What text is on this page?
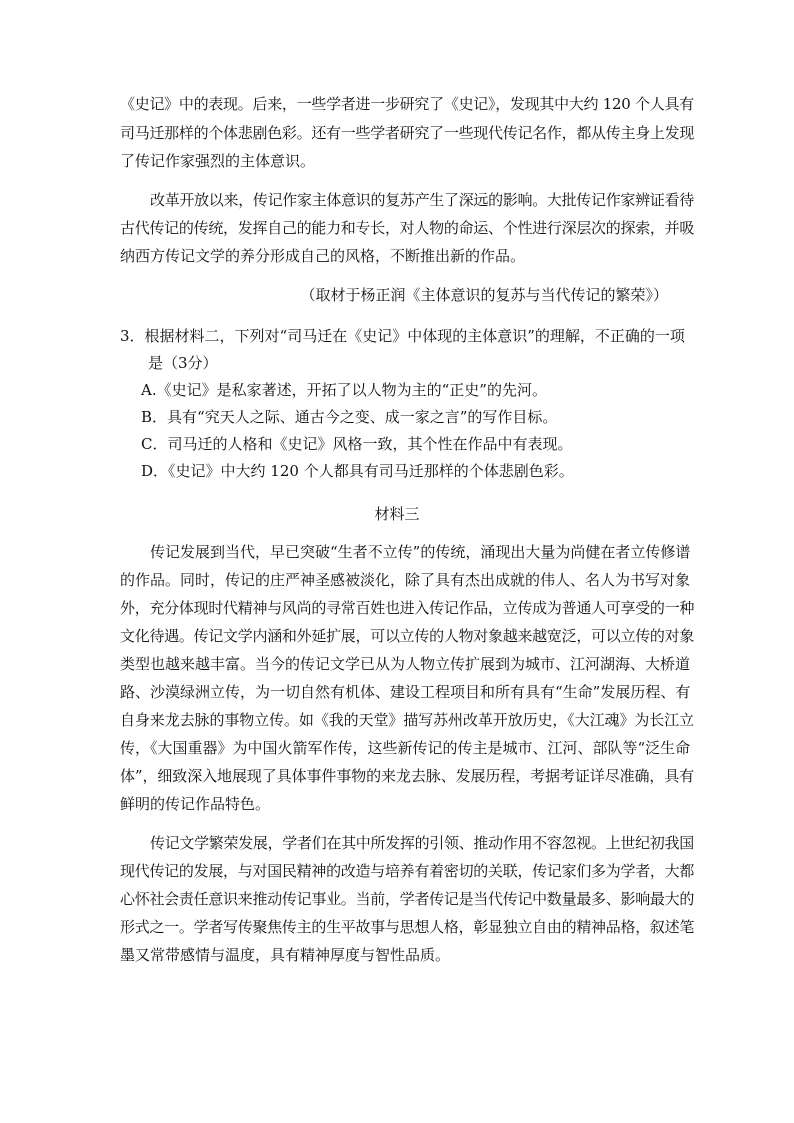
《史记》中的表现。后来，一些学者进一步研究了《史记》，发现其中大约 120 个人具有
司马迁那样的个体悲剧色彩。还有一些学者研究了一些现代传记名作，都从传主身上发现
了传记作家强烈的主体意识。
改革开放以来，传记作家主体意识的复苏产生了深远的影响。大批传记作家辨证看待
古代传记的传统，发挥自己的能力和专长，对人物的命运、个性进行深层次的探索，并吸
纳西方传记文学的养分形成自己的风格，不断推出新的作品。
（取材于杨正润《主体意识的复苏与当代传记的繁荣》）
3．根据材料二，下列对“司马迁在《史记》中体现的主体意识”的理解，不正确的一项
是（3分）
A.《史记》是私家著述，开拓了以人物为主的“正史”的先河。
B．具有“究天人之际、通古今之变、成一家之言”的写作目标。
C．司马迁的人格和《史记》风格一致，其个性在作品中有表现。
D．《史记》中大约 120 个人都具有司马迁那样的个体悲剧色彩。
材料三
传记发展到当代，早已突破“生者不立传”的传统，涌现出大量为尚健在者立传修谱
的作品。同时，传记的庄严神圣感被淡化，除了具有杰出成就的伟人、名人为书写对象
外，充分体现时代精神与风尚的寻常百姓也进入传记作品，立传成为普通人可享受的一种
文化待遇。传记文学内涵和外延扩展，可以立传的人物对象越来越宽泛，可以立传的对象
类型也越来越丰富。当今的传记文学已从为人物立传扩展到为城市、江河湖海、大桥道
路、沙漠绿洲立传，为一切自然有机体、建设工程项目和所有具有“生命”发展历程、有
自身来龙去脉的事物立传。如《我的天堂》描写苏州改革开放历史，《大江魂》为长江立
传，《大国重器》为中国火箭军作传，这些新传记的传主是城市、江河、部队等“泛生命
体”，细致深入地展现了具体事件事物的来龙去脉、发展历程，考据考证详尽准确，具有
鲜明的传记作品特色。
传记文学繁荣发展，学者们在其中所发挥的引领、推动作用不容忽视。上世纪初我国
现代传记的发展，与对国民精神的改造与培养有着密切的关联，传记家们多为学者，大都
心怀社会责任意识来推动传记事业。当前，学者传记是当代传记中数量最多、影响最大的
形式之一。学者写传聚焦传主的生平故事与思想人格，彰显独立自由的精神品格，叙述笔
墨又常带感情与温度，具有精神厚度与智性品质。
